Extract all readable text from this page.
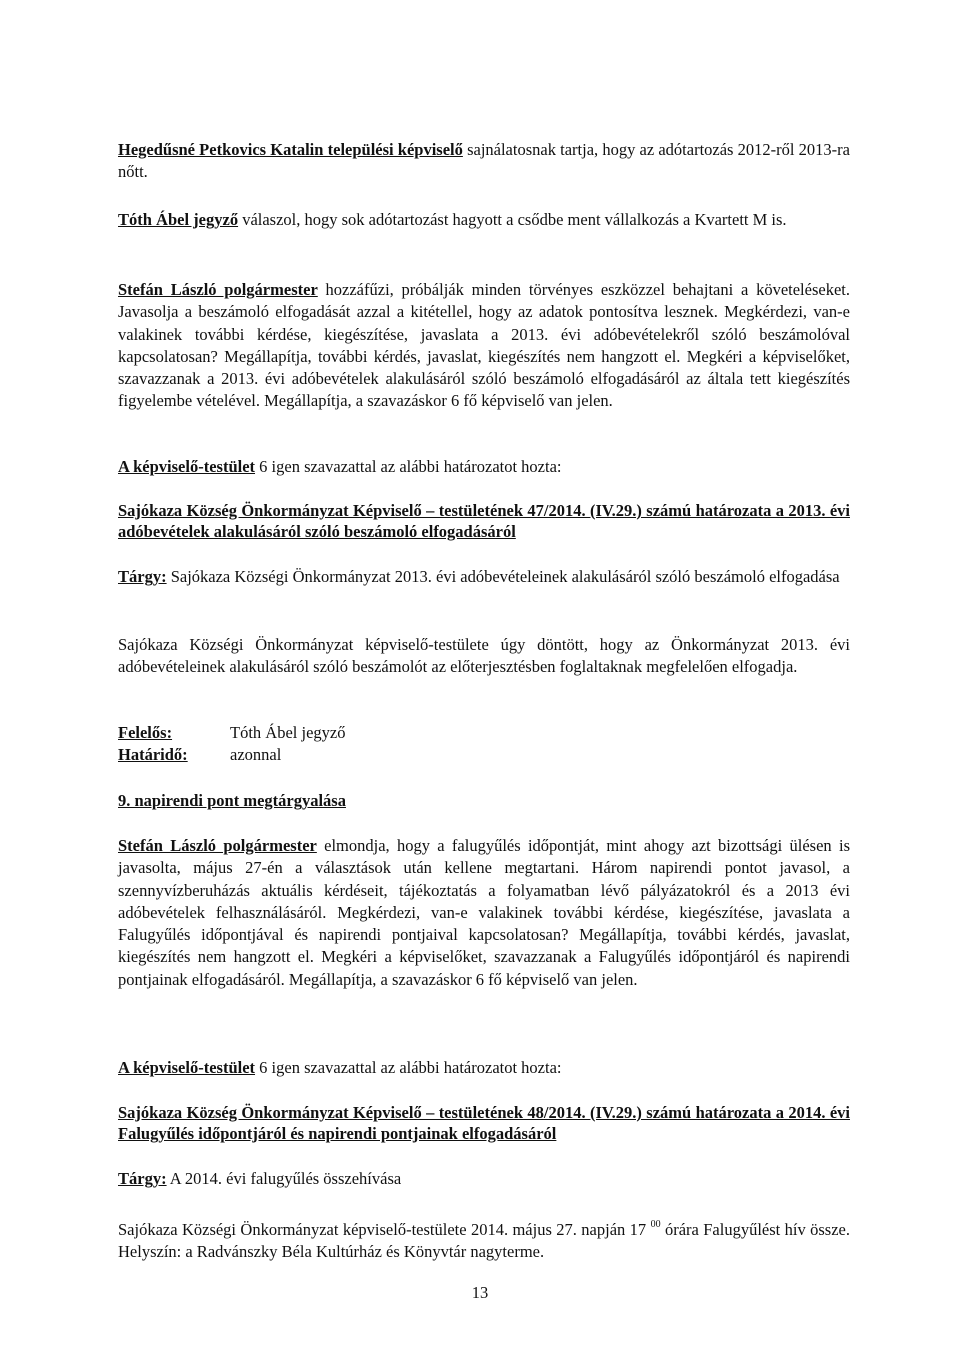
Hegedűsné Petkovics Katalin települési képviselő sajnálatosnak tartja, hogy az adótartozás 2012-ről 2013-ra nőtt.
Tóth Ábel jegyző válaszol, hogy sok adótartozást hagyott a csődbe ment vállalkozás a Kvartett M is.
Stefán László polgármester hozzáfűzi, próbálják minden törvényes eszközzel behajtani a követeléseket. Javasolja a beszámoló elfogadását azzal a kitétellel, hogy az adatok pontosítva lesznek. Megkérdezi, van-e valakinek további kérdése, kiegészítése, javaslata a 2013. évi adóbevételekről szóló beszámolóval kapcsolatosan? Megállapítja, további kérdés, javaslat, kiegészítés nem hangzott el. Megkéri a képviselőket, szavazzanak a 2013. évi adóbevételek alakulásáról szóló beszámoló elfogadásáról az általa tett kiegészítés figyelembe vételével. Megállapítja, a szavazáskor 6 fő képviselő van jelen.
A képviselő-testület 6 igen szavazattal az alábbi határozatot hozta:
Sajókaza Község Önkormányzat Képviselő – testületének 47/2014. (IV.29.) számú határozata a 2013. évi adóbevételek alakulásáról szóló beszámoló elfogadásáról
Tárgy: Sajókaza Községi Önkormányzat 2013. évi adóbevételeinek alakulásáról szóló beszámoló elfogadása
Sajókaza Községi Önkormányzat képviselő-testülete úgy döntött, hogy az Önkormányzat 2013. évi adóbevételeinek alakulásáról szóló beszámolót az előterjesztésben foglaltaknak megfelelően elfogadja.
Felelős:	Tóth Ábel jegyző
Határidő:	azonnal
9. napirendi pont megtárgyalása
Stefán László polgármester elmondja, hogy a falugyűlés időpontját, mint ahogy azt bizottsági ülésen is javasolta, május 27-én a választások után kellene megtartani. Három napirendi pontot javasol, a szennyvízberuházás aktuális kérdéseit, tájékoztatás a folyamatban lévő pályázatokról és a 2013 évi adóbevételek felhasználásáról. Megkérdezi, van-e valakinek további kérdése, kiegészítése, javaslata a Falugyűlés időpontjával és napirendi pontjaival kapcsolatosan? Megállapítja, további kérdés, javaslat, kiegészítés nem hangzott el. Megkéri a képviselőket, szavazzanak a Falugyűlés időpontjáról és napirendi pontjainak elfogadásáról. Megállapítja, a szavazáskor 6 fő képviselő van jelen.
A képviselő-testület 6 igen szavazattal az alábbi határozatot hozta:
Sajókaza Község Önkormányzat Képviselő – testületének 48/2014. (IV.29.) számú határozata a 2014. évi Falugyűlés időpontjáról és napirendi pontjainak elfogadásáról
Tárgy: A 2014. évi falugyűlés összehívása
Sajókaza Községi Önkormányzat képviselő-testülete 2014. május 27. napján 17 $^{00}$ órára Falugyűlést hív össze. Helyszín: a Radvánszky Béla Kultúrház és Könyvtár nagyterme.
13
